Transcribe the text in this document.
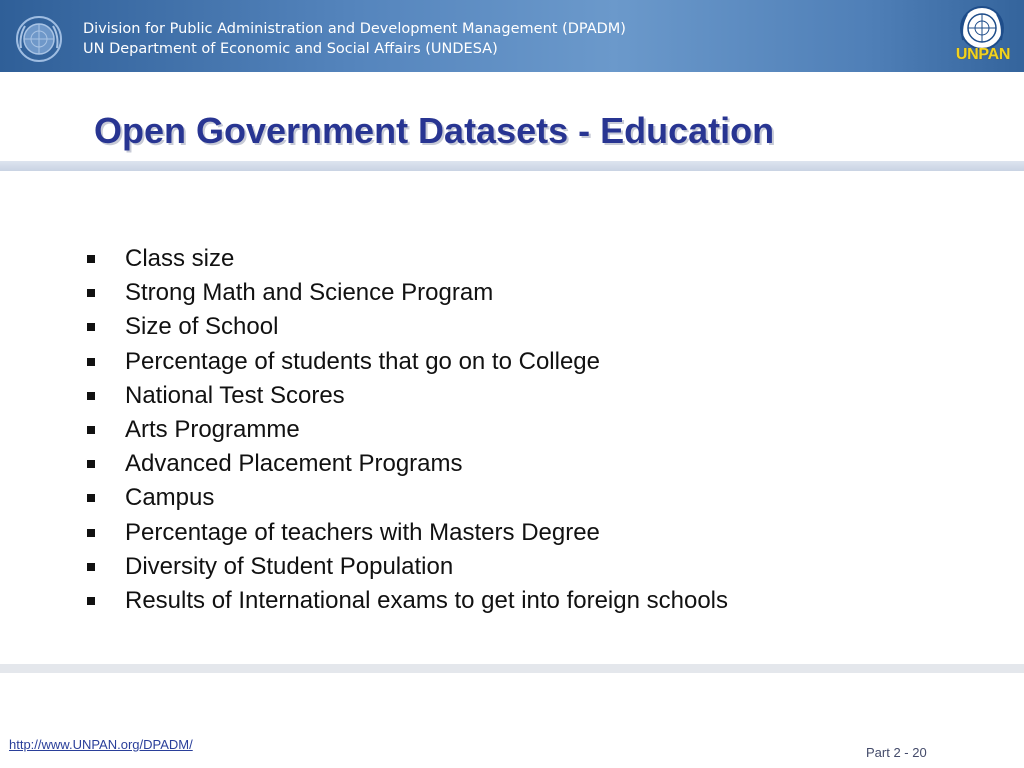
Division for Public Administration and Development Management (DPADM)
UN Department of Economic and Social Affairs (UNDESA)	UNPAN
Open Government Datasets - Education
Class size
Strong Math and Science Program
Size of School
Percentage of students that go on to College
National Test Scores
Arts Programme
Advanced Placement Programs
Campus
Percentage of teachers with Masters Degree
Diversity of Student Population
Results of International exams to get into foreign schools
http://www.UNPAN.org/DPADM/
Part 2 - 20
